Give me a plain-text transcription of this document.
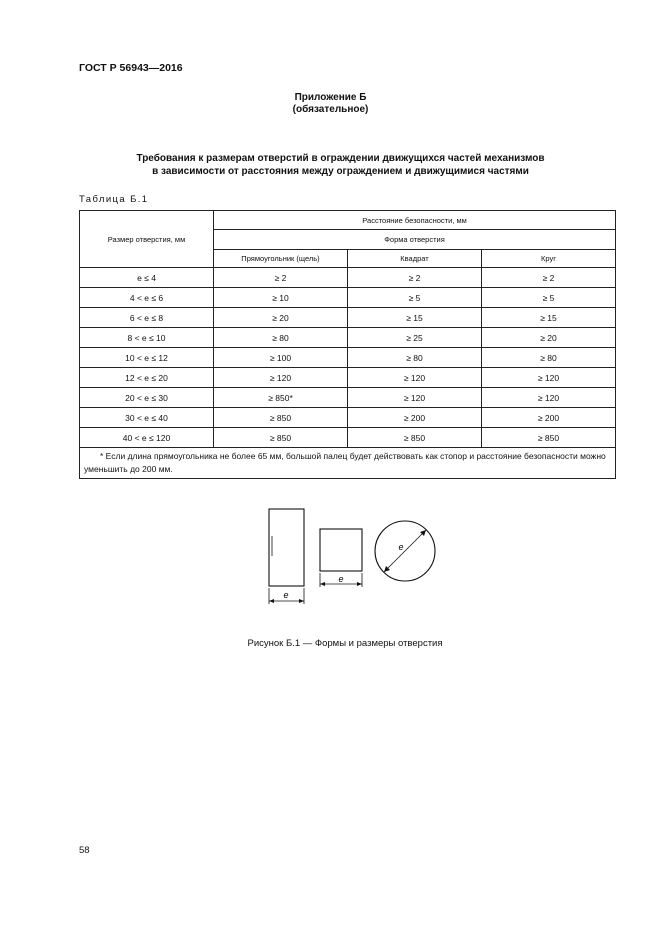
ГОСТ Р 56943—2016
Приложение Б
(обязательное)
Требования к размерам отверстий в ограждении движущихся частей механизмов
в зависимости от расстояния между ограждением и движущимися частями
Таблица Б.1
Размер отверстия, мм	Расстояние безопасности, мм		
	Форма отверстия		
	Прямоугольник (щель)	Квадрат	Круг
e ≤ 4	≥ 2	≥ 2	≥ 2
4 < e ≤ 6	≥ 10	≥ 5	≥ 5
6 < e ≤ 8	≥ 20	≥ 15	≥ 15
8 < e ≤ 10	≥ 80	≥ 25	≥ 20
10 < e ≤ 12	≥ 100	≥ 80	≥ 80
12 < e ≤ 20	≥ 120	≥ 120	≥ 120
20 < e ≤ 30	≥ 850*	≥ 120	≥ 120
30 < e ≤ 40	≥ 850	≥ 200	≥ 200
40 < e ≤ 120	≥ 850	≥ 850	≥ 850
* Если длина прямоугольника не более 65 мм, большой палец будет действовать как стопор и расстояние безопасности можно уменьшить до 200 мм.			
e
e
e
Рисунок Б.1 — Формы и размеры отверстия
58
